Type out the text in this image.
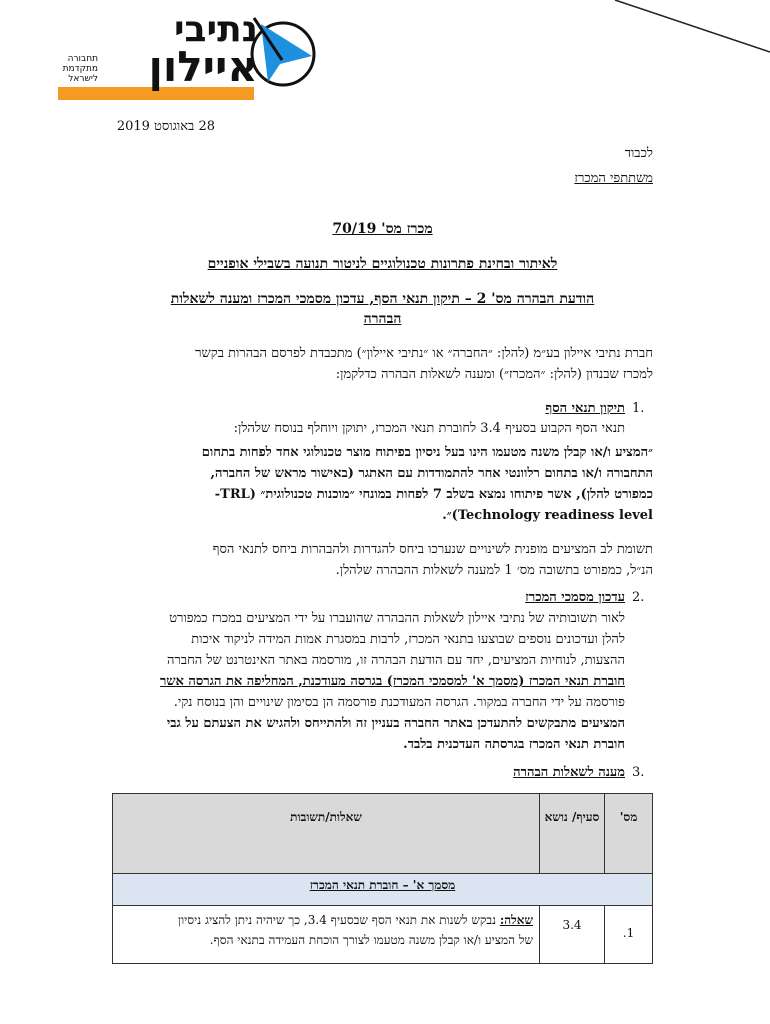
נתיבי
איילון
תחבורה
מתקדמת
לישראל
28 באוגוסט 2019
לכבוד
משתתפי המכרז
מכרז מס' 70/19
לאיתור ובחינת פתרונות טכנולוגיים לניטור תנועה בשבילי אופניים
הודעת הבהרה מס' 2 – תיקון תנאי הסף, עדכון מסמכי המכרז ומענה לשאלות
הבהרה
חברת נתיבי איילון בע״מ (להלן: ״החברה״ או ״נתיבי איילון״) מתכבדת לפרסם הבהרות בקשר
למכרז שבנדון (להלן: ״המכרז״) ומענה לשאלות הבהרה כדלקמן:
1.
תיקון תנאי הסף
תנאי הסף הקבוע בסעיף 3.4 לחוברת תנאי המכרז, יתוקן ויוחלף בנוסח שלהלן:
״המציע ו/או קבלן משנה מטעמו הינו בעל ניסיון בפיתוח מוצר טכנולוגי אחד לפחות בתחום
התחבורה ו/או בתחום רלוונטי אחר להתמודדות עם האתגר (באישור מראש של החברה,
כמפורט להלן), אשר פיתוחו נמצא בשלב 7 לפחות במונחי ״מוכנות טכנולוגית״ (TRL-
Technology readiness level)״.
תשומת לב המציעים מופנית לשינויים שנערכו ביחס להגדרות ולהבהרות ביחס לתנאי הסף
הנ״ל, כמפורט בתשובה מס׳ 1 למענה לשאלות ההבהרה שלהלן.
2.
עדכון מסמכי המכרז
לאור תשובותיה של נתיבי איילון לשאלות ההבהרה שהועברו על ידי המציעים במכרז כמפורט
להלן ועדכונים נוספים שבוצעו בתנאי המכרז, לרבות במסגרת אמות המידה לניקוד איכות
ההצעות, לנוחיות המציעים, יחד עם הודעת הבהרה זו, מורסמה באתר האינטרנט של החברה
חוברת תנאי המכרז (מסמך א' למסמכי המכרז) בגרסה מעודכנת, המחליפה את הגרסה אשר
פורסמה על ידי החברה במקור. הגרסה המעודכנת פורסמה הן בסימון שינויים והן בנוסח נקי.
המציעים מתבקשים להתעדכן באתר החברה בעניין זה ולהתייחס ולהגיש את הצעתם על גבי
חוברת תנאי המכרז בגרסתה העדכנית בלבד.
3.
מענה לשאלות הבהרה
מס'	סעיף/ נושא	שאלות/תשובות
מסמך א' – חוברת תנאי המכרז		
1.	3.4	שאלה: נבקש לשנות את תנאי הסף שבסעיף 3.4, כך שיהיה ניתן להציג ניסיון
של המציע ו/או קבלן משנה מטעמו לצורך הוכחת העמידה בתנאי הסף.
